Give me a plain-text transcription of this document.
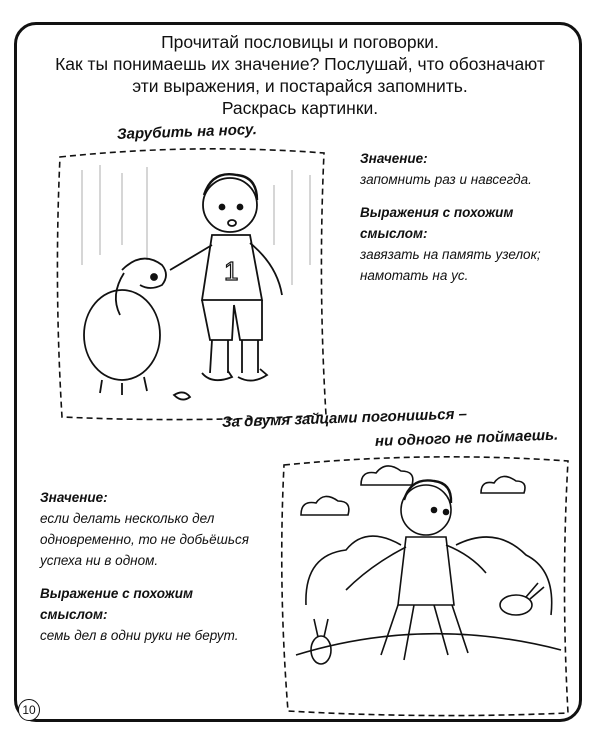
Прочитай пословицы и поговорки.
Как ты понимаешь их значение? Послушай, что обозначают
эти выражения, и постарайся запомнить.
Раскрась картинки.
Зарубить на носу.
1
Значение:
запомнить раз и навсегда.
Выражения с похожим
смыслом:
завязать на память узелок;
намотать на ус.
За двумя зайцами погонишься –
ни одного не поймаешь.
Значение:
если делать несколько дел
одновременно, то не добьёшься
успеха ни в одном.
Выражение с похожим
смыслом:
семь дел в одни руки не берут.
10
